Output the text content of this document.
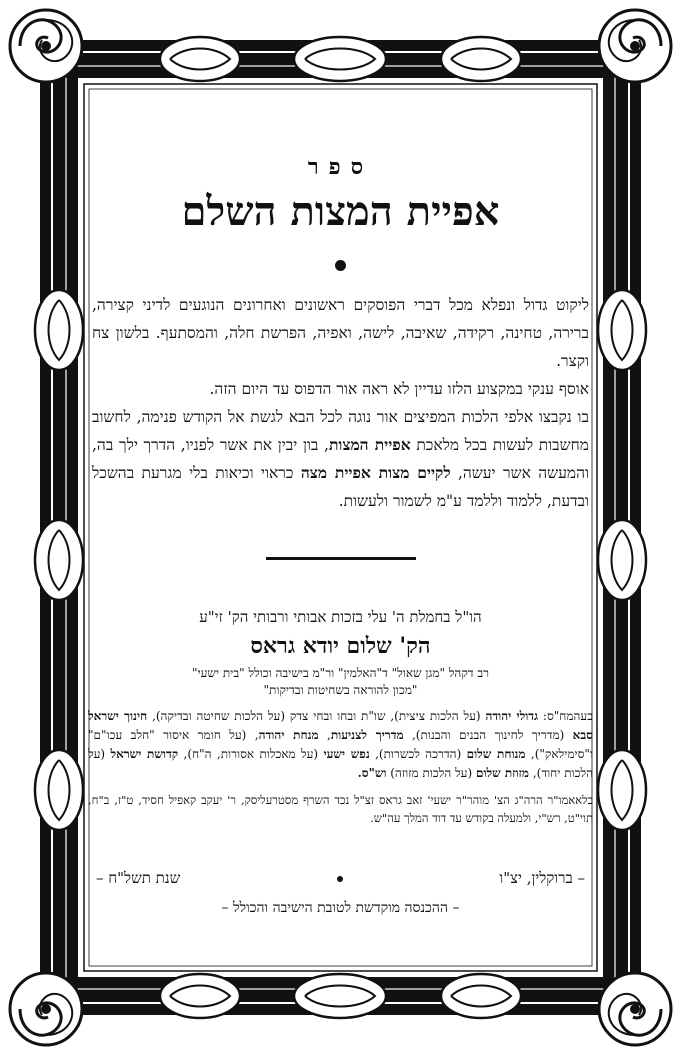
ספר
אפיית המצות השלם

ליקוט גדול ונפלא מכל דברי הפוסקים ראשונים ואחרונים הנוגעים לדיני קצירה, ברירה, טחינה, רקידה, שאיבה, לישה, ואפיה, הפרשת חלה, והמסתעף. בלשון צח וקצר.

אוסף ענקי במקצוע הלזו עדיין לא ראה אור הדפוס עד היום הזה.

בו נקבצו אלפי הלכות המפיצים אור נוגה לכל הבא לגשת אל הקודש פנימה, לחשוב מחשבות לעשות בכל מלאכת אפיית המצות, בון יבין את אשר לפניו, הדרך ילך בה, והמעשה אשר יעשה, לקיים מצות אפיית מצה כראוי וכיאות בלי מגרעת בהשכל ובדעת, ללמוד וללמד ע"מ לשמור ולעשות.

הו"ל בחמלת ה' עלי בזכות אבותי ורבותי הק' זי"ע
הק' שלום יודא גראס
רב דקהל "מגן שאול" ד"האלמין" ור"מ בישיבה וכולל "בית ישעי"
"מכון להוראה בשחיטות ובדיקות"
בעהמח"ס: גדולי יהודה (על הלכות ציצית), שו"ת ובחו ובחי צדק (על הלכות שחיטה ובדיקה), חינוך ישראל סבא (מדריך לחינוך הבנים והבנות), מדריך לצניעות, מנחת יהודה, (על חומר איסור "חלב עכו"ם" ו"סימילאק"), מנוחת שלום (הדרכה לכשרות), נפש ישעי (על מאכלות אסורות, ה"ח), קדושת ישראל (על הלכות יחוד), מזוזת שלום (על הלכות מזוזה) וש"ס.
בלאאמו"ר הרה"ג הצ' מוהר"ר ישעי' זאב גראס זצ"ל נכד השרף מסטרעליסק, ר' יעקב קאפיל חסיד, ט"ז, ב"ח, תוי"ט, רש"י, ולמעלה בקודש עד דוד המלך עה"ש.
– ברוקלין, יצ"ו
שנת תשל"ח –
– ההכנסה מוקדשת לטובת הישיבה והכולל –
